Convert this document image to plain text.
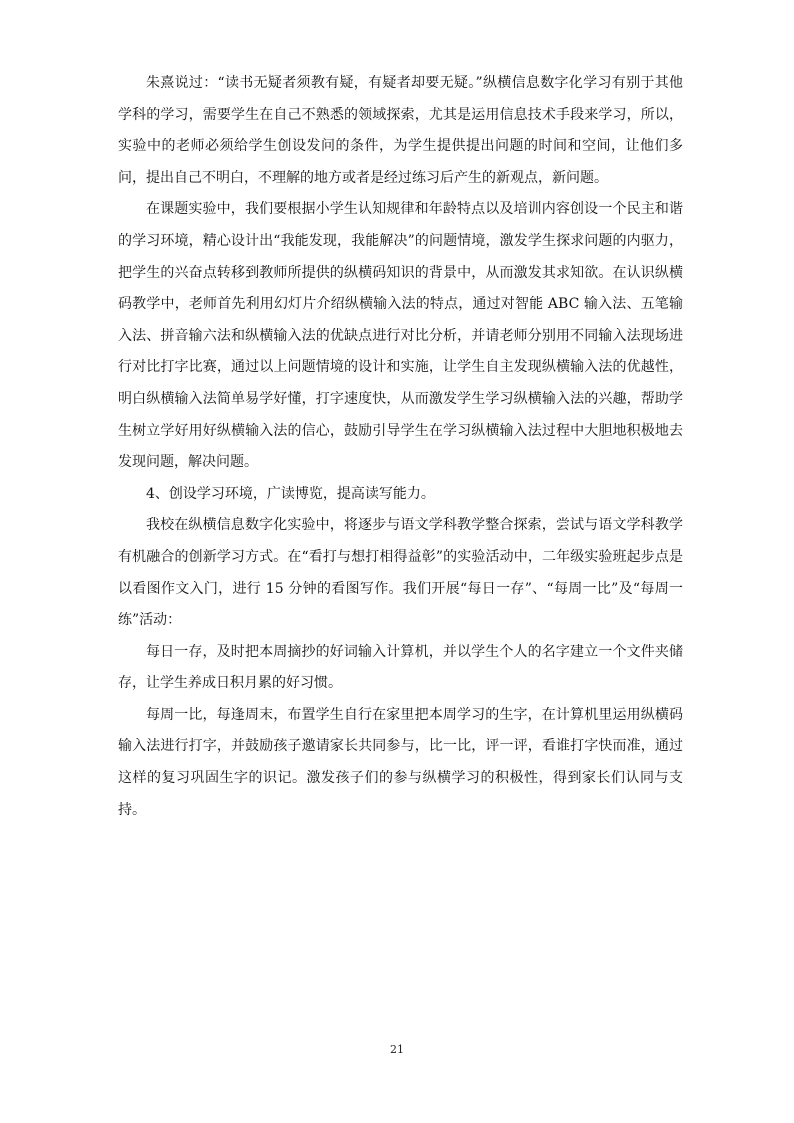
朱熹说过：“读书无疑者须教有疑，有疑者却要无疑。”纵横信息数字化学习有别于其他学科的学习，需要学生在自己不熟悉的领域探索，尤其是运用信息技术手段来学习，所以，实验中的老师必须给学生创设发问的条件，为学生提供提出问题的时间和空间，让他们多问，提出自己不明白，不理解的地方或者是经过练习后产生的新观点，新问题。

在课题实验中，我们要根据小学生认知规律和年龄特点以及培训内容创设一个民主和谐的学习环境，精心设计出“我能发现，我能解决”的问题情境，激发学生探求问题的内驱力，把学生的兴奋点转移到教师所提供的纵横码知识的背景中，从而激发其求知欲。在认识纵横码教学中，老师首先利用幻灯片介绍纵横输入法的特点，通过对智能 ABC 输入法、五笔输入法、拼音输六法和纵横输入法的优缺点进行对比分析，并请老师分别用不同输入法现场进行对比打字比赛，通过以上问题情境的设计和实施，让学生自主发现纵横输入法的优越性，明白纵横输入法简单易学好懂，打字速度快，从而激发学生学习纵横输入法的兴趣，帮助学生树立学好用好纵横输入法的信心，鼓励引导学生在学习纵横输入法过程中大胆地积极地去发现问题，解决问题。

4、创设学习环境，广读博览，提高读写能力。

我校在纵横信息数字化实验中，将逐步与语文学科教学整合探索，尝试与语文学科教学有机融合的创新学习方式。在“看打与想打相得益彰”的实验活动中，二年级实验班起步点是以看图作文入门，进行 15 分钟的看图写作。我们开展“每日一存”、“每周一比”及“每周一练”活动：

每日一存，及时把本周摘抄的好词输入计算机，并以学生个人的名字建立一个文件夹储存，让学生养成日积月累的好习惯。

每周一比，每逢周末，布置学生自行在家里把本周学习的生字，在计算机里运用纵横码输入法进行打字，并鼓励孩子邀请家长共同参与，比一比，评一评，看谁打字快而准，通过这样的复习巩固生字的识记。激发孩子们的参与纵横学习的积极性，得到家长们认同与支持。

21
